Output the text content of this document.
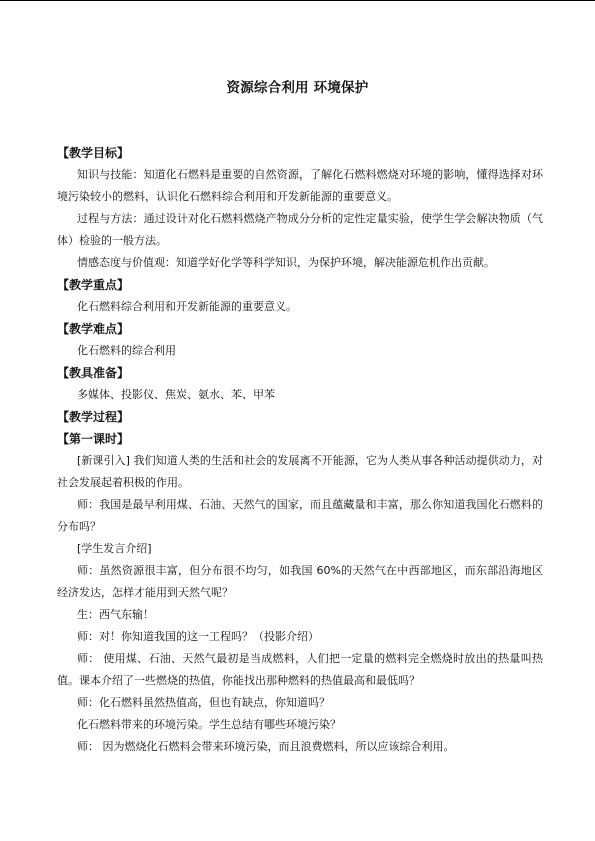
资源综合利用 环境保护

【教学目标】

知识与技能：知道化石燃料是重要的自然资源，了解化石燃料燃烧对环境的影响，懂得选择对环境污染较小的燃料，认识化石燃料综合利用和开发新能源的重要意义。

过程与方法：通过设计对化石燃料燃烧产物成分分析的定性定量实验，使学生学会解决物质（气体）检验的一般方法。

情感态度与价值观：知道学好化学等科学知识，为保护环境，解决能源危机作出贡献。

【教学重点】

化石燃料综合利用和开发新能源的重要意义。

【教学难点】

化石燃料的综合利用

【教具准备】

多媒体、投影仪、焦炭、氨水、苯、甲苯

【教学过程】

【第一课时】

[新课引入] 我们知道人类的生活和社会的发展离不开能源，它为人类从事各种活动提供动力，对社会发展起着积极的作用。

师：我国是最早利用煤、石油、天然气的国家，而且蕴藏量和丰富，那么你知道我国化石燃料的分布吗？

[学生发言介绍]

师：虽然资源很丰富，但分布很不均匀，如我国 60%的天然气在中西部地区，而东部沿海地区经济发达，怎样才能用到天然气呢？

生：西气东输！

师：对！你知道我国的这一工程吗？（投影介绍）

师： 使用煤、石油、天然气最初是当成燃料，人们把一定量的燃料完全燃烧时放出的热量叫热值。课本介绍了一些燃烧的热值，你能找出那种燃料的热值最高和最低吗？

师：化石燃料虽然热值高，但也有缺点，你知道吗？

化石燃料带来的环境污染。学生总结有哪些环境污染？

师： 因为燃烧化石燃料会带来环境污染，而且浪费燃料，所以应该综合利用。
